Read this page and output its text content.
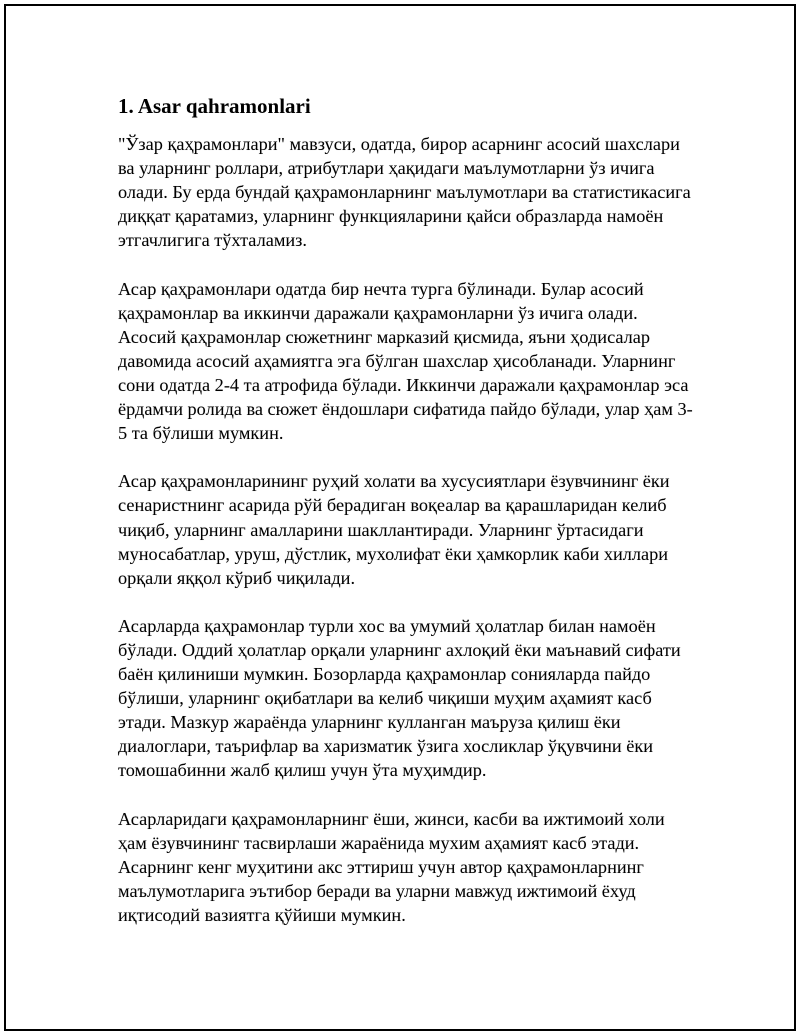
1. Asar qahramonlari

"Ўзар қаҳрамонлари" мавзуси, одатда, бирор асарнинг асосий шахслари ва уларнинг роллари, атрибутлари ҳақидаги маълумотларни ўз ичига олади. Бу ерда бундай қаҳрамонларнинг маълумотлари ва статистикасига диққат қаратамиз, уларнинг функцияларини қайси образларда намоён этгачлигига тўхталамиз.

Асар қаҳрамонлари одатда бир нечта турга бўлинади. Булар асосий қаҳрамонлар ва иккинчи даражали қаҳрамонларни ўз ичига олади. Асосий қаҳрамонлар сюжетнинг марказий қисмида, яъни ҳодисалар давомида асосий аҳамиятга эга бўлган шахслар ҳисобланади. Уларнинг сони одатда 2-4 та атрофида бўлади. Иккинчи даражали қаҳрамонлар эса ёрдамчи ролида ва сюжет ёндошлари сифатида пайдо бўлади, улар ҳам 3-5 та бўлиши мумкин.

Асар қаҳрамонларининг руҳий холати ва хусусиятлари ёзувчининг ёки сенаристнинг асарида рўй берадиган воқеалар ва қарашларидан келиб чиқиб, уларнинг амалларини шакллантиради. Уларнинг ўртасидаги муносабатлар, уруш, дўстлик, мухолифат ёки ҳамкорлик каби хиллари орқали яққол кўриб чиқилади.

Асарларда қаҳрамонлар турли хос ва умумий ҳолатлар билан намоён бўлади. Оддий ҳолатлар орқали уларнинг ахлоқий ёки маънавий сифати баён қилиниши мумкин. Бозорларда қаҳрамонлар сонияларда пайдо бўлиши, уларнинг оқибатлари ва келиб чиқиши муҳим аҳамият касб этади. Мазкур жараёнда уларнинг кулланган маъруза қилиш ёки диалоглари, таърифлар ва харизматик ўзига хосликлар ўқувчини ёки томошабинни жалб қилиш учун ўта муҳимдир.

Асарларидаги қаҳрамонларнинг ёши, жинси, касби ва ижтимоий холи ҳам ёзувчининг тасвирлаши жараёнида мухим аҳамият касб этади. Асарнинг кенг муҳитини акс эттириш учун автор қаҳрамонларнинг маълумотларига эътибор беради ва уларни мавжуд ижтимоий ёхуд иқтисодий вазиятга қўйиши мумкин.
